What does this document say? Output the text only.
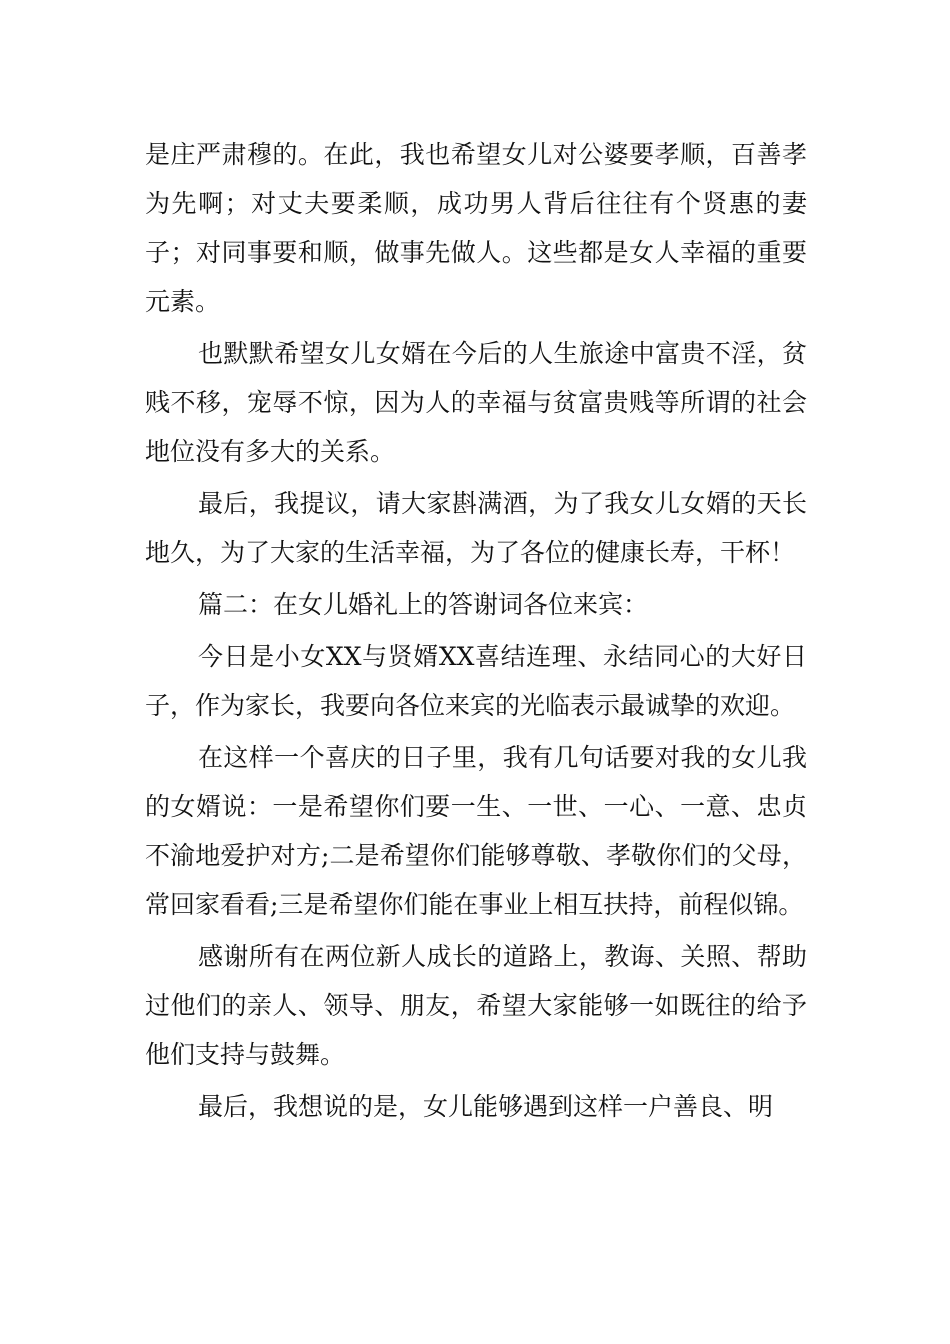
是庄严肃穆的。在此，我也希望女儿对公婆要孝顺，百善孝为先啊；对丈夫要柔顺，成功男人背后往往有个贤惠的妻子；对同事要和顺，做事先做人。这些都是女人幸福的重要元素。

也默默希望女儿女婿在今后的人生旅途中富贵不淫，贫贱不移，宠辱不惊，因为人的幸福与贫富贵贱等所谓的社会地位没有多大的关系。

最后，我提议，请大家斟满酒，为了我女儿女婿的天长地久，为了大家的生活幸福，为了各位的健康长寿，干杯！

篇二：在女儿婚礼上的答谢词各位来宾：

今日是小女XX与贤婿XX喜结连理、永结同心的大好日子，作为家长，我要向各位来宾的光临表示最诚挚的欢迎。

在这样一个喜庆的日子里，我有几句话要对我的女儿我的女婿说：一是希望你们要一生、一世、一心、一意、忠贞不渝地爱护对方;二是希望你们能够尊敬、孝敬你们的父母，常回家看看;三是希望你们能在事业上相互扶持，前程似锦。

感谢所有在两位新人成长的道路上，教诲、关照、帮助过他们的亲人、领导、朋友，希望大家能够一如既往的给予他们支持与鼓舞。

最后，我想说的是，女儿能够遇到这样一户善良、明
